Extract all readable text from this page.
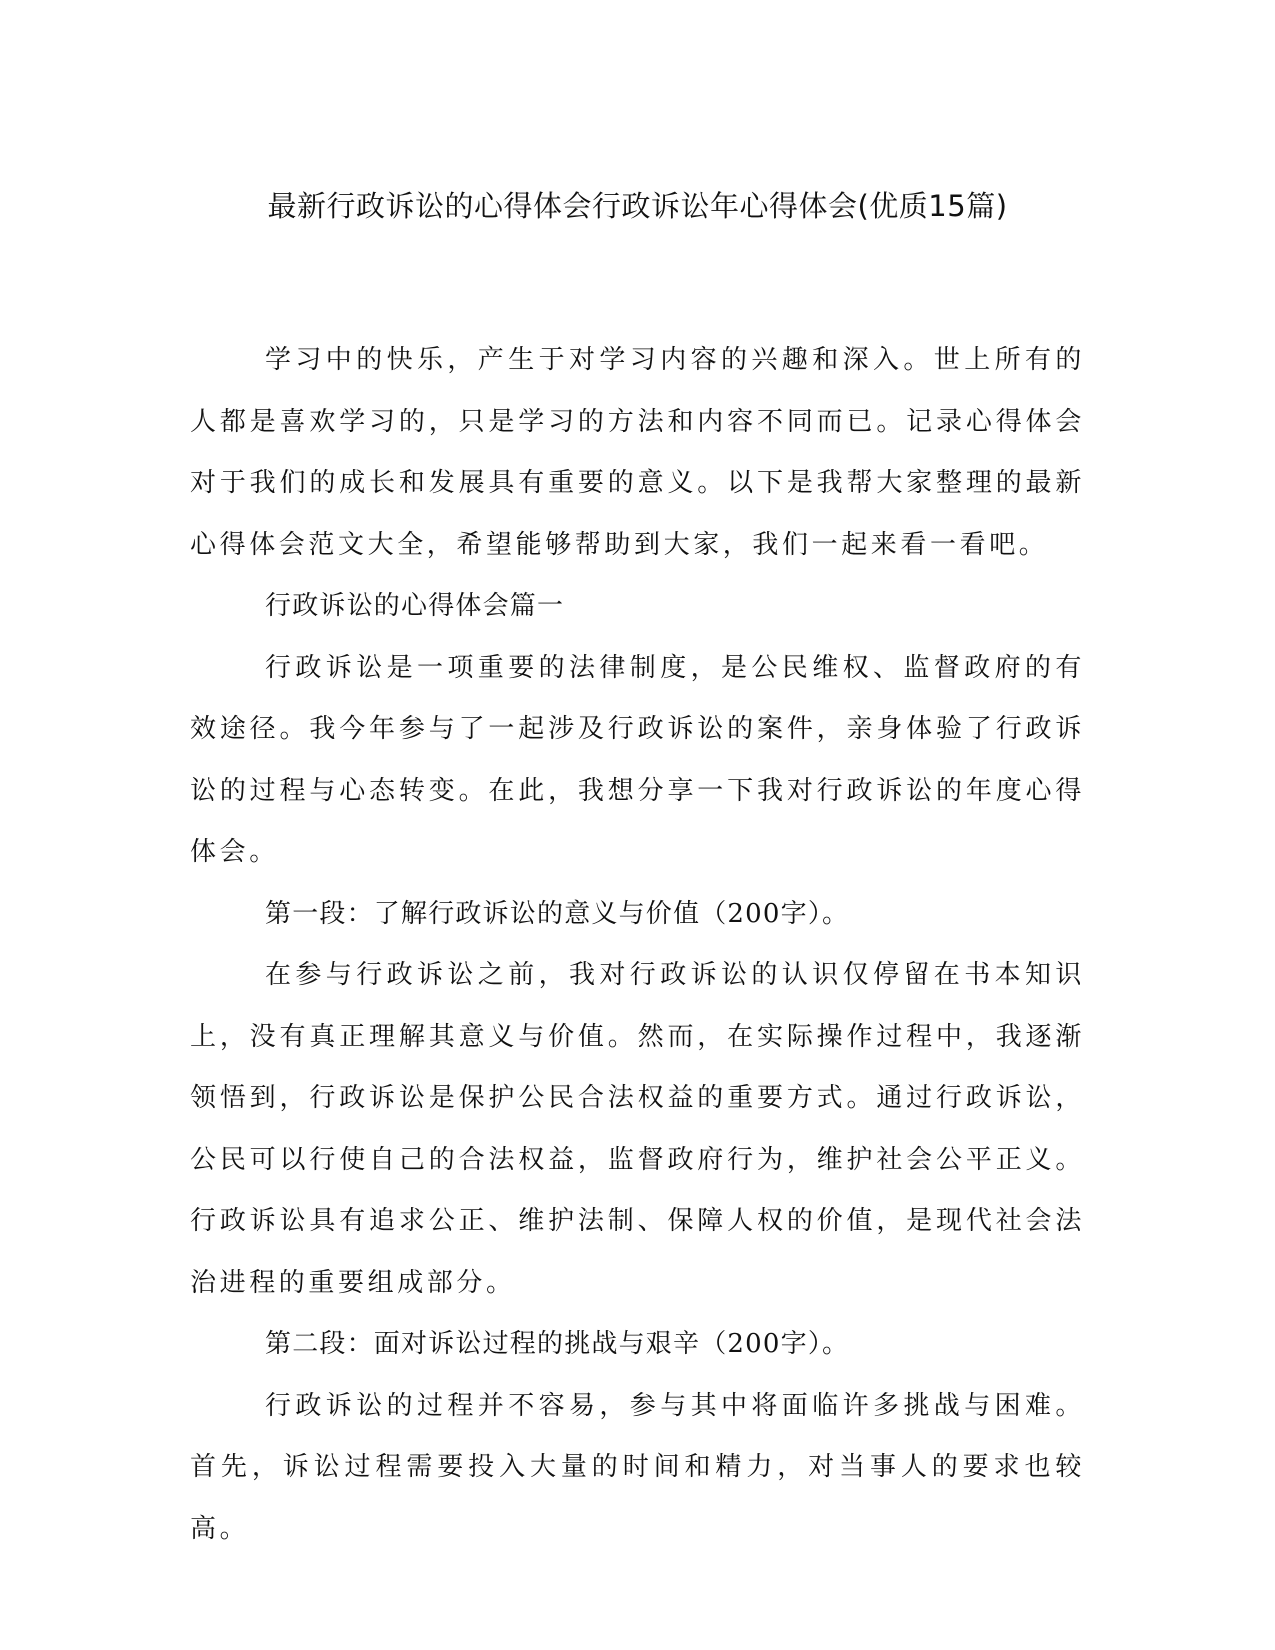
最新行政诉讼的心得体会行政诉讼年心得体会(优质15篇)

学习中的快乐，产生于对学习内容的兴趣和深入。世上所有的人都是喜欢学习的，只是学习的方法和内容不同而已。记录心得体会对于我们的成长和发展具有重要的意义。以下是我帮大家整理的最新心得体会范文大全，希望能够帮助到大家，我们一起来看一看吧。

行政诉讼的心得体会篇一

行政诉讼是一项重要的法律制度，是公民维权、监督政府的有效途径。我今年参与了一起涉及行政诉讼的案件，亲身体验了行政诉讼的过程与心态转变。在此，我想分享一下我对行政诉讼的年度心得体会。

第一段：了解行政诉讼的意义与价值（200字）。

在参与行政诉讼之前，我对行政诉讼的认识仅停留在书本知识上，没有真正理解其意义与价值。然而，在实际操作过程中，我逐渐领悟到，行政诉讼是保护公民合法权益的重要方式。通过行政诉讼，公民可以行使自己的合法权益，监督政府行为，维护社会公平正义。行政诉讼具有追求公正、维护法制、保障人权的价值，是现代社会法治进程的重要组成部分。

第二段：面对诉讼过程的挑战与艰辛（200字）。

行政诉讼的过程并不容易，参与其中将面临许多挑战与困难。首先，诉讼过程需要投入大量的时间和精力，对当事人的要求也较高。
